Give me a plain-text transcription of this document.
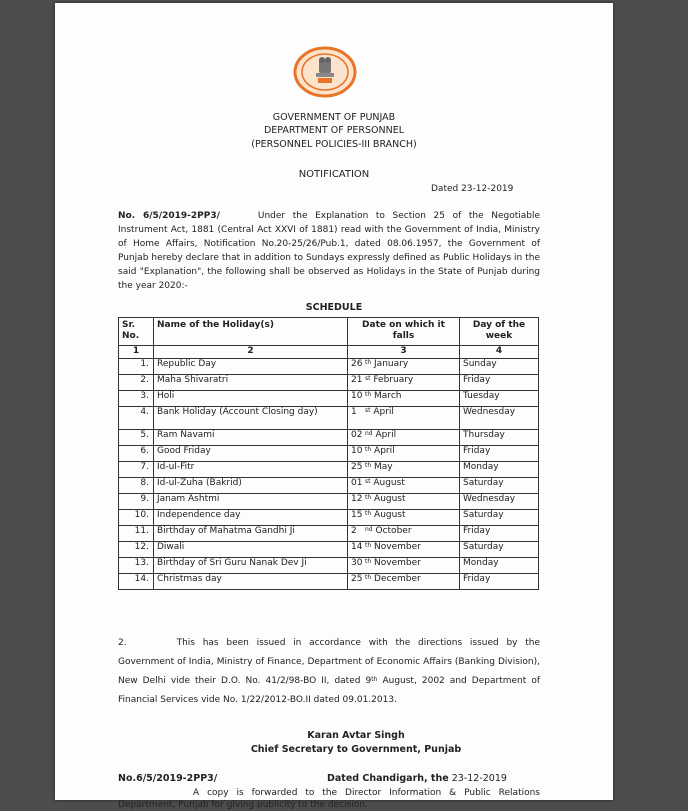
GOVERNMENT OF PUNJAB
DEPARTMENT OF PERSONNEL
(PERSONNEL POLICIES-III BRANCH)
NOTIFICATION
Dated 23-12-2019

No. 6/5/2019-2PP3/	Under the Explanation to Section 25 of the Negotiable Instrument Act, 1881 (Central Act XXVI of 1881) read with the Government of India, Ministry of Home Affairs, Notification No.20-25/26/Pub.1, dated 08.06.1957, the Government of Punjab hereby declare that in addition to Sundays expressly defined as Public Holidays in the said "Explanation", the following shall be observed as Holidays in the State of Punjab during the year 2020:-

SCHEDULE
Sr. No.	Name of the Holiday(s)	Date on which it falls	Day of the week
1	2	3	4
1.	Republic Day	26 $^{th}$ January	Sunday
2.	Maha Shivaratri	21 $^{st}$ February	Friday
3.	Holi	10 $^{th}$ March	Tuesday
4.	Bank Holiday (Account Closing day)	1 $^{st}$ April	Wednesday
5.	Ram Navami	02 $^{nd}$ April	Thursday
6.	Good Friday	10 $^{th}$ April	Friday
7.	Id-ul-Fitr	25 $^{th}$ May	Monday
8.	Id-ul-Zuha (Bakrid)	01 $^{st}$ August	Saturday
9.	Janam Ashtmi	12 $^{th}$ August	Wednesday
10.	Independence day	15 $^{th}$ August	Saturday
11.	Birthday of Mahatma Gandhi Ji	2 $^{nd}$ October	Friday
12.	Diwali	14 $^{th}$ November	Saturday
13.	Birthday of Sri Guru Nanak Dev Ji	30 $^{th}$ November	Monday
14.	Christmas day	25 $^{th}$ December	Friday

2.	This has been issued in accordance with the directions issued by the Government of India, Ministry of Finance, Department of Economic Affairs (Banking Division), New Delhi vide their D.O. No. 41/2/98-BO II, dated 9th August, 2002 and Department of Financial Services vide No. 1/22/2012-BO.II dated 09.01.2013.

Karan Avtar Singh
Chief Secretary to Government, Punjab
No.6/5/2019-2PP3/	Dated Chandigarh, the 23-12-2019
A copy is forwarded to the Director Information & Public Relations Department, Punjab for giving publicity to the decision.
